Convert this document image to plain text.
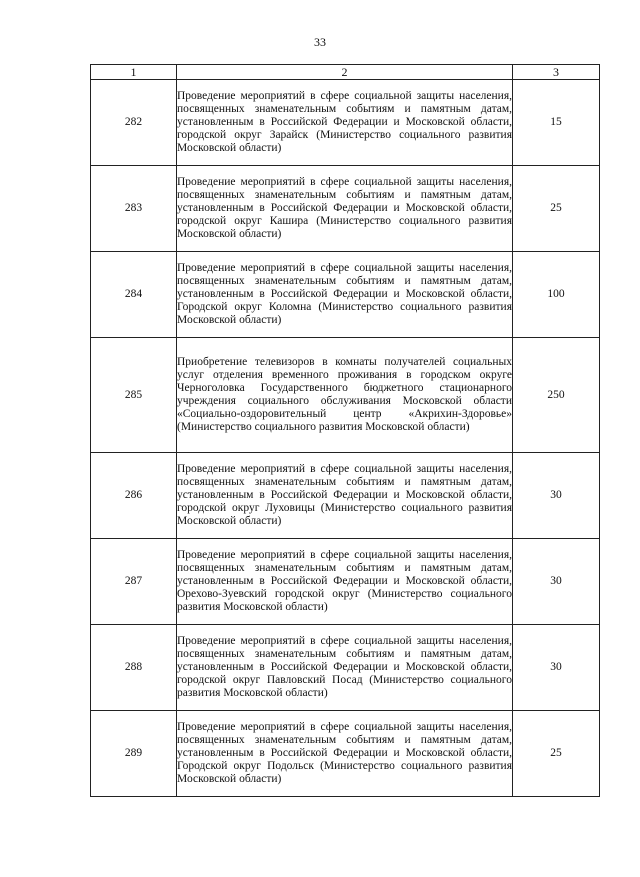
33
1	2	3
282	Проведение мероприятий в сфере социальной защиты населения, посвященных знаменательным событиям и памятным датам, установленным в Российской Федерации и Московской области, городской округ Зарайск (Министерство социального развития Московской области)	15
283	Проведение мероприятий в сфере социальной защиты населения, посвященных знаменательным событиям и памятным датам, установленным в Российской Федерации и Московской области, городской округ Кашира (Министерство социального развития Московской области)	25
284	Проведение мероприятий в сфере социальной защиты населения, посвященных знаменательным событиям и памятным датам, установленным в Российской Федерации и Московской области, Городской округ Коломна (Министерство социального развития Московской области)	100
285	Приобретение телевизоров в комнаты получателей социальных услуг отделения временного проживания в городском округе Черноголовка Государственного бюджетного стационарного учреждения социального обслуживания Московской области «Социально-оздоровительный центр «Акрихин-Здоровье» (Министерство социального развития Московской области)	250
286	Проведение мероприятий в сфере социальной защиты населения, посвященных знаменательным событиям и памятным датам, установленным в Российской Федерации и Московской области, городской округ Луховицы (Министерство социального развития Московской области)	30
287	Проведение мероприятий в сфере социальной защиты населения, посвященных знаменательным событиям и памятным датам, установленным в Российской Федерации и Московской области, Орехово-Зуевский городской округ (Министерство социального развития Московской области)	30
288	Проведение мероприятий в сфере социальной защиты населения, посвященных знаменательным событиям и памятным датам, установленным в Российской Федерации и Московской области, городской округ Павловский Посад (Министерство социального развития Московской области)	30
289	Проведение мероприятий в сфере социальной защиты населения, посвященных знаменательным событиям и памятным датам, установленным в Российской Федерации и Московской области, Городской округ Подольск (Министерство социального развития Московской области)	25
